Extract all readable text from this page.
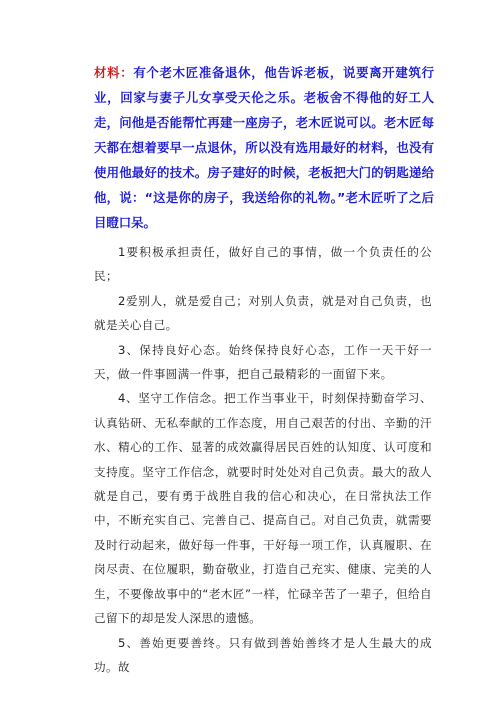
材料：有个老木匠准备退休，他告诉老板，说要离开建筑行业，回家与妻子儿女享受天伦之乐。老板舍不得他的好工人走，问他是否能帮忙再建一座房子，老木匠说可以。老木匠每天都在想着要早一点退休，所以没有选用最好的材料，也没有使用他最好的技术。房子建好的时候，老板把大门的钥匙递给他，说：“这是你的房子，我送给你的礼物。”老木匠听了之后目瞪口呆。

1要积极承担责任，做好自己的事情，做一个负责任的公民；

2爱别人，就是爱自己；对别人负责，就是对自己负责，也就是关心自己。

3、保持良好心态。始终保持良好心态，工作一天干好一天，做一件事圆满一件事，把自己最精彩的一面留下来。

4、坚守工作信念。把工作当事业干，时刻保持勤奋学习、认真钻研、无私奉献的工作态度，用自己艰苦的付出、辛勤的汗水、精心的工作、显著的成效赢得居民百姓的认知度、认可度和支持度。坚守工作信念，就要时时处处对自己负责。最大的敌人就是自己，要有勇于战胜自我的信心和决心，在日常执法工作中，不断充实自己、完善自己、提高自己。对自己负责，就需要及时行动起来，做好每一件事，干好每一项工作，认真履职、在岗尽责、在位履职，勤奋敬业，打造自己充实、健康、完美的人生，不要像故事中的“老木匠”一样，忙碌辛苦了一辈子，但给自己留下的却是发人深思的遗憾。

5、善始更要善终。只有做到善始善终才是人生最大的成功。故
